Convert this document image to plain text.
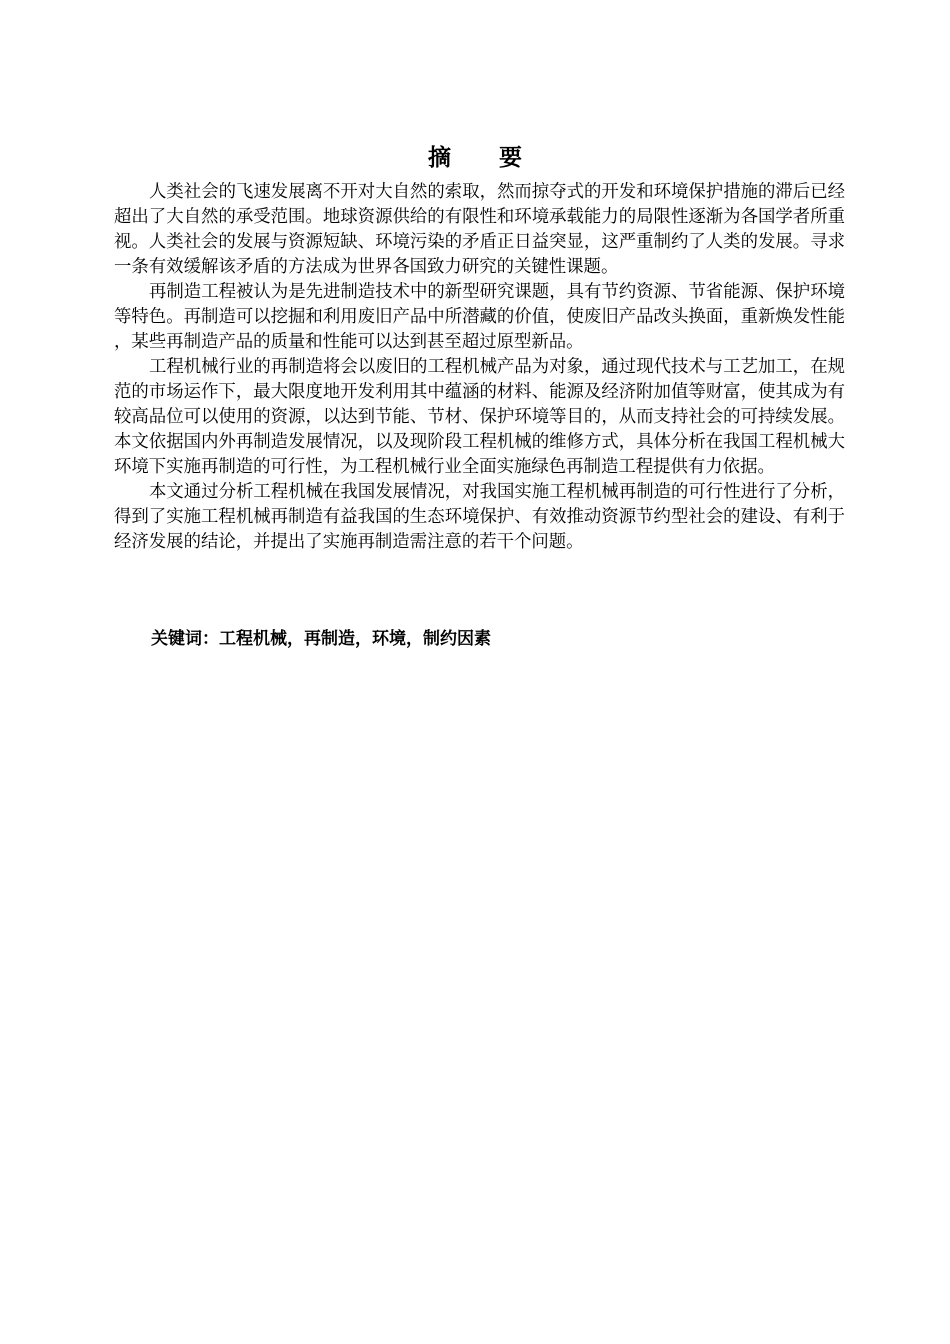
摘 要

人类社会的飞速发展离不开对大自然的索取，然而掠夺式的开发和环境保护措施的滞后已经超出了大自然的承受范围。地球资源供给的有限性和环境承载能力的局限性逐渐为各国学者所重视。人类社会的发展与资源短缺、环境污染的矛盾正日益突显，这严重制约了人类的发展。寻求一条有效缓解该矛盾的方法成为世界各国致力研究的关键性课题。

再制造工程被认为是先进制造技术中的新型研究课题，具有节约资源、节省能源、保护环境等特色。再制造可以挖掘和利用废旧产品中所潜藏的价值，使废旧产品改头换面，重新焕发性能，某些再制造产品的质量和性能可以达到甚至超过原型新品。

工程机械行业的再制造将会以废旧的工程机械产品为对象，通过现代技术与工艺加工，在规范的市场运作下，最大限度地开发利用其中蕴涵的材料、能源及经济附加值等财富，使其成为有较高品位可以使用的资源，以达到节能、节材、保护环境等目的，从而支持社会的可持续发展。本文依据国内外再制造发展情况，以及现阶段工程机械的维修方式，具体分析在我国工程机械大环境下实施再制造的可行性，为工程机械行业全面实施绿色再制造工程提供有力依据。

本文通过分析工程机械在我国发展情况，对我国实施工程机械再制造的可行性进行了分析，得到了实施工程机械再制造有益我国的生态环境保护、有效推动资源节约型社会的建设、有利于经济发展的结论，并提出了实施再制造需注意的若干个问题。

关键词：工程机械，再制造，环境，制约因素
